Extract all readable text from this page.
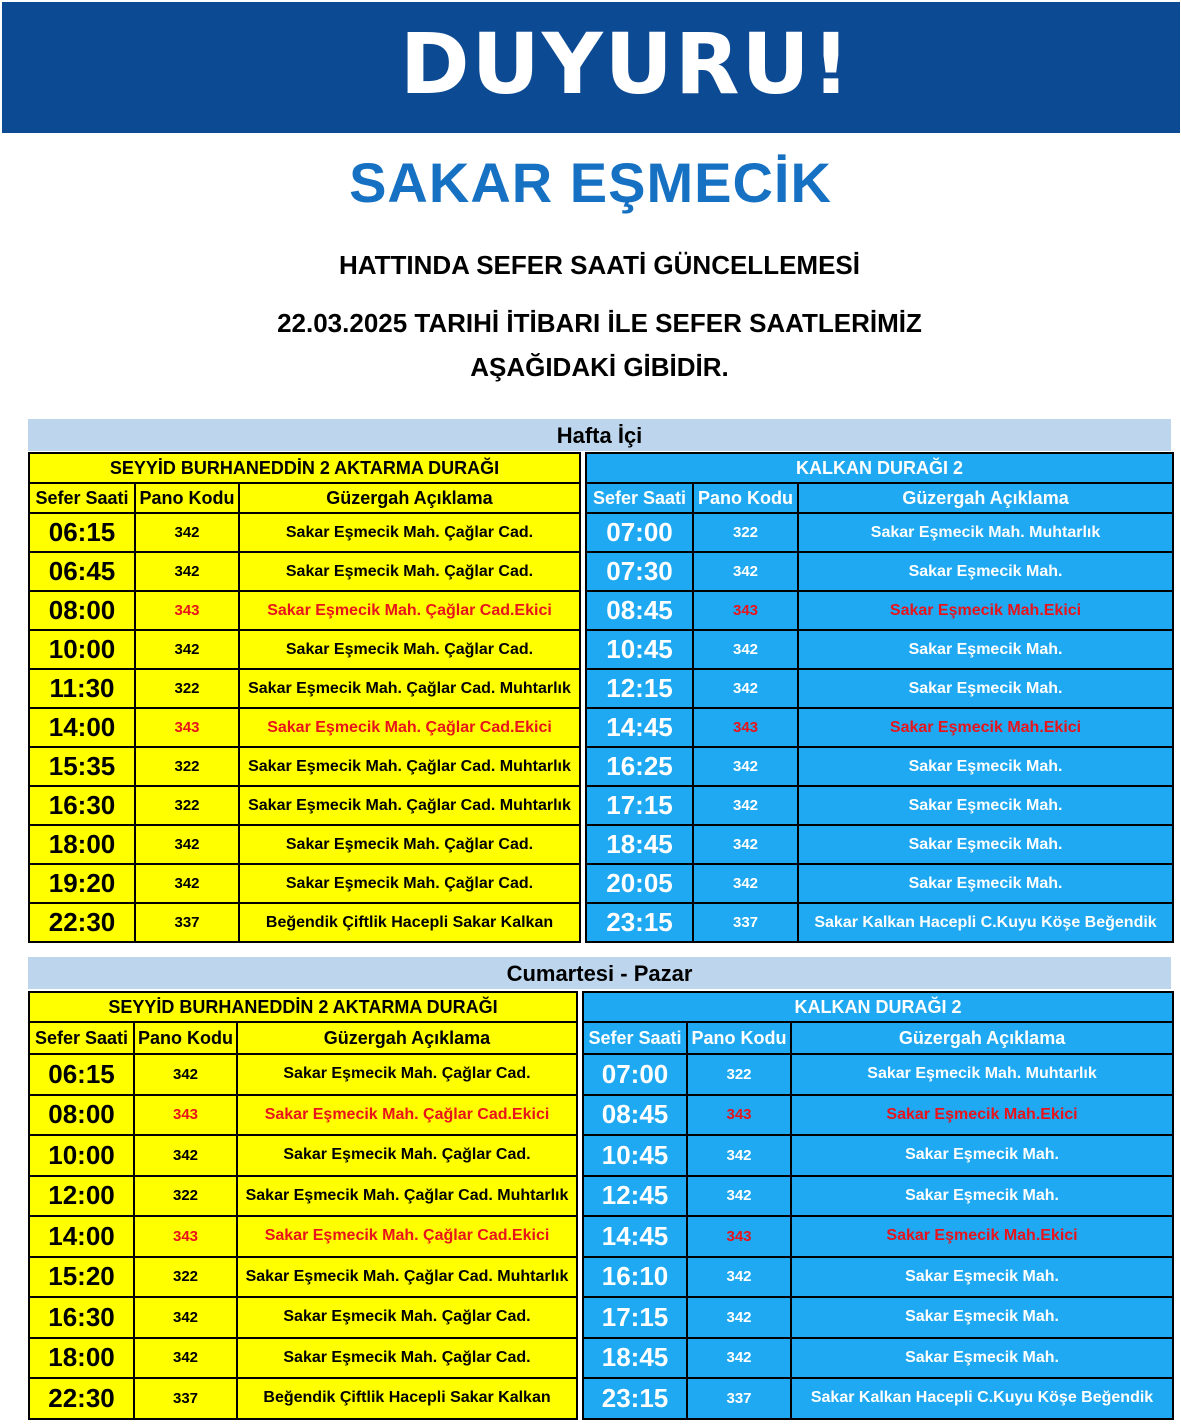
DUYURU!
SAKAR EŞMECİK
HATTINDA SEFER SAATİ GÜNCELLEMESİ
22.03.2025 TARIHİ İTİBARI İLE SEFER SAATLERİMİZ
AŞAĞIDAKİ GİBİDİR.
Hafta İçi
SEYYİD BURHANEDDİN 2 AKTARMA DURAĞI		
Sefer Saati	Pano Kodu	Güzergah Açıklama
06:15	342	Sakar Eşmecik Mah. Çağlar Cad.
06:45	342	Sakar Eşmecik Mah. Çağlar Cad.
08:00	343	Sakar Eşmecik Mah. Çağlar Cad.Ekici
10:00	342	Sakar Eşmecik Mah. Çağlar Cad.
11:30	322	Sakar Eşmecik Mah. Çağlar Cad. Muhtarlık
14:00	343	Sakar Eşmecik Mah. Çağlar Cad.Ekici
15:35	322	Sakar Eşmecik Mah. Çağlar Cad. Muhtarlık
16:30	322	Sakar Eşmecik Mah. Çağlar Cad. Muhtarlık
18:00	342	Sakar Eşmecik Mah. Çağlar Cad.
19:20	342	Sakar Eşmecik Mah. Çağlar Cad.
22:30	337	Beğendik Çiftlik Hacepli Sakar Kalkan
KALKAN DURAĞI 2		
Sefer Saati	Pano Kodu	Güzergah Açıklama
07:00	322	Sakar Eşmecik Mah. Muhtarlık
07:30	342	Sakar Eşmecik Mah.
08:45	343	Sakar Eşmecik Mah.Ekici
10:45	342	Sakar Eşmecik Mah.
12:15	342	Sakar Eşmecik Mah.
14:45	343	Sakar Eşmecik Mah.Ekici
16:25	342	Sakar Eşmecik Mah.
17:15	342	Sakar Eşmecik Mah.
18:45	342	Sakar Eşmecik Mah.
20:05	342	Sakar Eşmecik Mah.
23:15	337	Sakar Kalkan Hacepli C.Kuyu Köşe Beğendik
Cumartesi - Pazar
SEYYİD BURHANEDDİN 2 AKTARMA DURAĞI		
Sefer Saati	Pano Kodu	Güzergah Açıklama
06:15	342	Sakar Eşmecik Mah. Çağlar Cad.
08:00	343	Sakar Eşmecik Mah. Çağlar Cad.Ekici
10:00	342	Sakar Eşmecik Mah. Çağlar Cad.
12:00	322	Sakar Eşmecik Mah. Çağlar Cad. Muhtarlık
14:00	343	Sakar Eşmecik Mah. Çağlar Cad.Ekici
15:20	322	Sakar Eşmecik Mah. Çağlar Cad. Muhtarlık
16:30	342	Sakar Eşmecik Mah. Çağlar Cad.
18:00	342	Sakar Eşmecik Mah. Çağlar Cad.
22:30	337	Beğendik Çiftlik Hacepli Sakar Kalkan
KALKAN DURAĞI 2		
Sefer Saati	Pano Kodu	Güzergah Açıklama
07:00	322	Sakar Eşmecik Mah. Muhtarlık
08:45	343	Sakar Eşmecik Mah.Ekici
10:45	342	Sakar Eşmecik Mah.
12:45	342	Sakar Eşmecik Mah.
14:45	343	Sakar Eşmecik Mah.Ekici
16:10	342	Sakar Eşmecik Mah.
17:15	342	Sakar Eşmecik Mah.
18:45	342	Sakar Eşmecik Mah.
23:15	337	Sakar Kalkan Hacepli C.Kuyu Köşe Beğendik
